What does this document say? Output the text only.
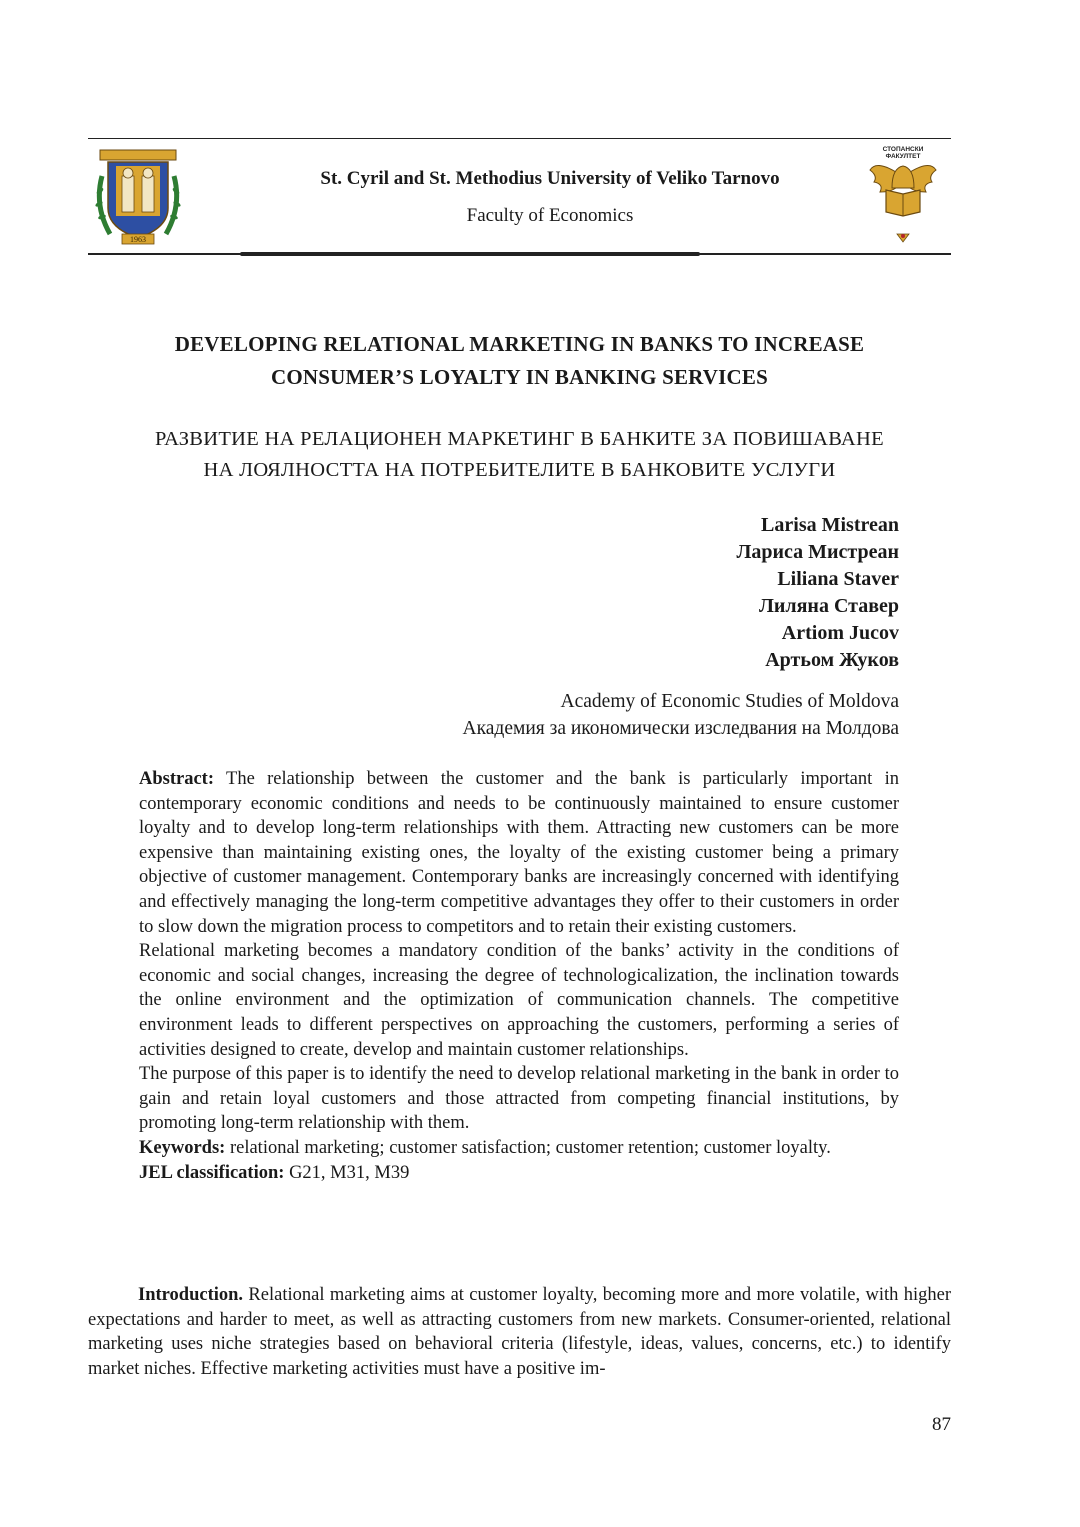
1963
St. Cyril and St. Methodius University of Veliko Tarnovo
Faculty of Economics
СТОПАНСКИ
ФАКУЛТЕТ
DEVELOPING RELATIONAL MARKETING IN BANKS TO INCREASE
CONSUMER’S LOYALTY IN BANKING SERVICES
РАЗВИТИЕ НА РЕЛАЦИОНЕН МАРКЕТИНГ В БАНКИТЕ ЗА ПОВИШАВАНЕ
НА ЛОЯЛНОСТТА НА ПОТРЕБИТЕЛИТЕ В БАНКОВИТЕ УСЛУГИ
Larisa Mistrean
Лариса Мистреан
Liliana Staver
Лиляна Ставер
Artiom Jucov
Артьом Жуков
Academy of Economic Studies of Moldova
Академия за икономически изследвания на Молдова

Abstract: The relationship between the customer and the bank is particularly important in contemporary economic conditions and needs to be continuously maintained to ensure customer loyalty and to develop long-term relationships with them. Attracting new customers can be more expensive than maintaining existing ones, the loyalty of the existing customer being a primary objective of customer management. Contemporary banks are increasingly concerned with identifying and effectively managing the long-term competitive advantages they offer to their customers in order to slow down the migration process to competitors and to retain their existing customers.

Relational marketing becomes a mandatory condition of the banks’ activity in the conditions of economic and social changes, increasing the degree of technologicalization, the inclination towards the online environment and the optimization of communication channels. The competitive environment leads to different perspectives on approaching the customers, performing a series of activities designed to create, develop and maintain customer relationships.

The purpose of this paper is to identify the need to develop relational marketing in the bank in order to gain and retain loyal customers and those attracted from competing financial institutions, by promoting long-term relationship with them.

Keywords: relational marketing; customer satisfaction; customer retention; customer loyalty.

JEL classification: G21, M31, M39

Introduction. Relational marketing aims at customer loyalty, becoming more and more volatile, with higher expectations and harder to meet, as well as attracting customers from new markets. Consumer-oriented, relational marketing uses niche strategies based on behavioral criteria (lifestyle, ideas, values, concerns, etc.) to identify market niches. Effective marketing activities must have a positive im-

87
